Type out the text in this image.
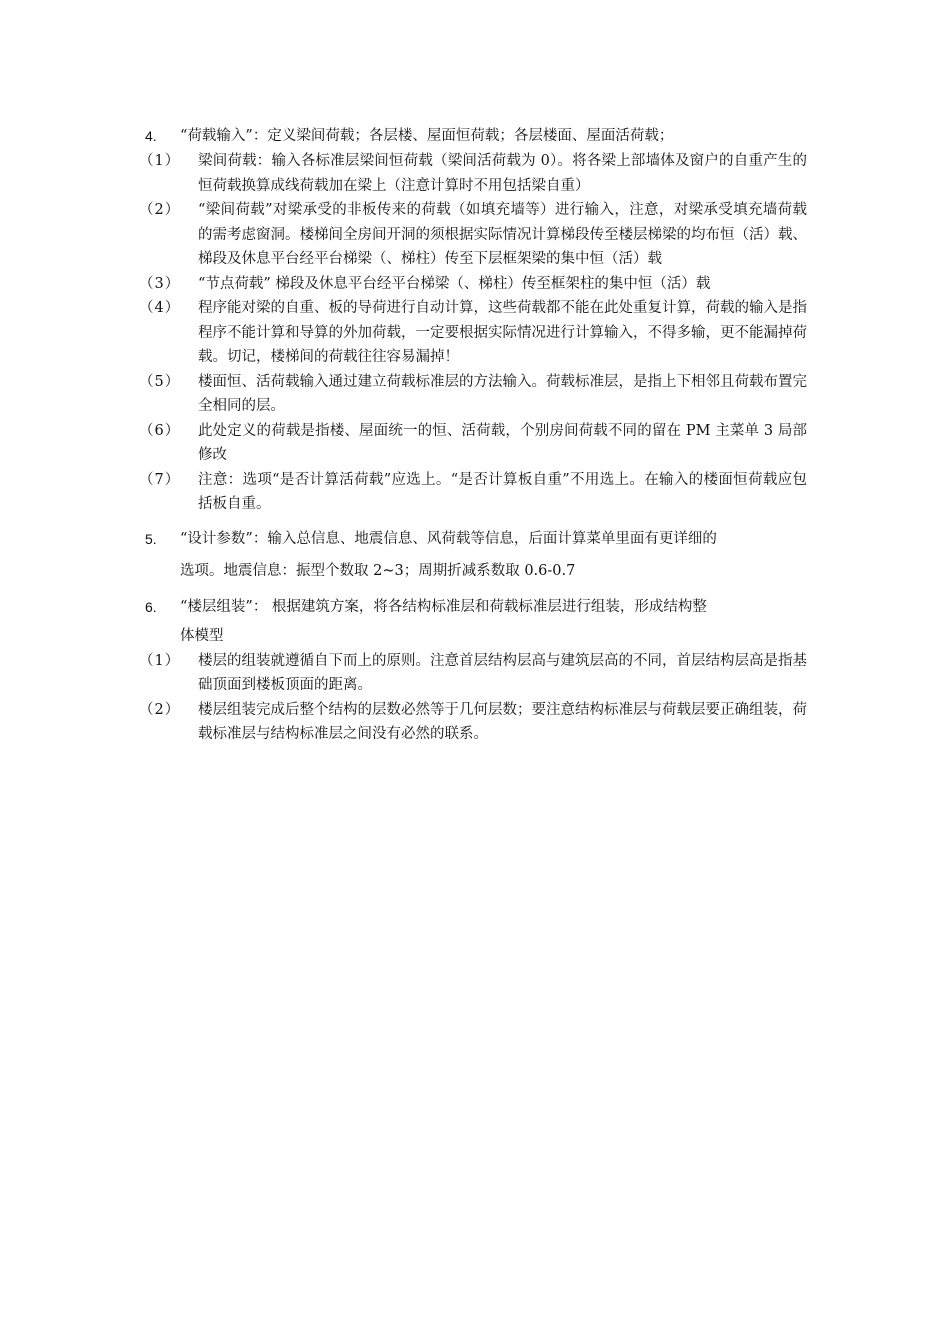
4. “荷载输入”：定义梁间荷载；各层楼、屋面恒荷载；各层楼面、屋面活荷载；
（1） 梁间荷载：输入各标准层梁间恒荷载（梁间活荷载为 0）。将各梁上部墙体及窗户的自重产生的恒荷载换算成线荷载加在梁上（注意计算时不用包括梁自重）
（2） “梁间荷载”对梁承受的非板传来的荷载（如填充墙等）进行输入，注意，对梁承受填充墙荷载的需考虑窗洞。楼梯间全房间开洞的须根据实际情况计算梯段传至楼层梯梁的均布恒（活）载、梯段及休息平台经平台梯梁（、梯柱）传至下层框架梁的集中恒（活）载
（3） “节点荷载” 梯段及休息平台经平台梯梁（、梯柱）传至框架柱的集中恒（活）载
（4） 程序能对梁的自重、板的导荷进行自动计算，这些荷载都不能在此处重复计算，荷载的输入是指程序不能计算和导算的外加荷载，一定要根据实际情况进行计算输入，不得多输，更不能漏掉荷载。切记，楼梯间的荷载往往容易漏掉！
（5） 楼面恒、活荷载输入通过建立荷载标准层的方法输入。荷载标准层，是指上下相邻且荷载布置完全相同的层。
（6） 此处定义的荷载是指楼、屋面统一的恒、活荷载，个别房间荷载不同的留在 PM 主菜单 3 局部修改
（7） 注意：选项“是否计算活荷载”应选上。“是否计算板自重”不用选上。在输入的楼面恒荷载应包括板自重。
5. “设计参数”：输入总信息、地震信息、风荷载等信息，后面计算菜单里面有更详细的
选项。地震信息：振型个数取 2~3；周期折减系数取 0.6-0.7
6. “楼层组装”： 根据建筑方案，将各结构标准层和荷载标准层进行组装，形成结构整
体模型
（1） 楼层的组装就遵循自下而上的原则。注意首层结构层高与建筑层高的不同，首层结构层高是指基础顶面到楼板顶面的距离。
（2） 楼层组装完成后整个结构的层数必然等于几何层数；要注意结构标准层与荷载层要正确组装，荷载标准层与结构标准层之间没有必然的联系。
